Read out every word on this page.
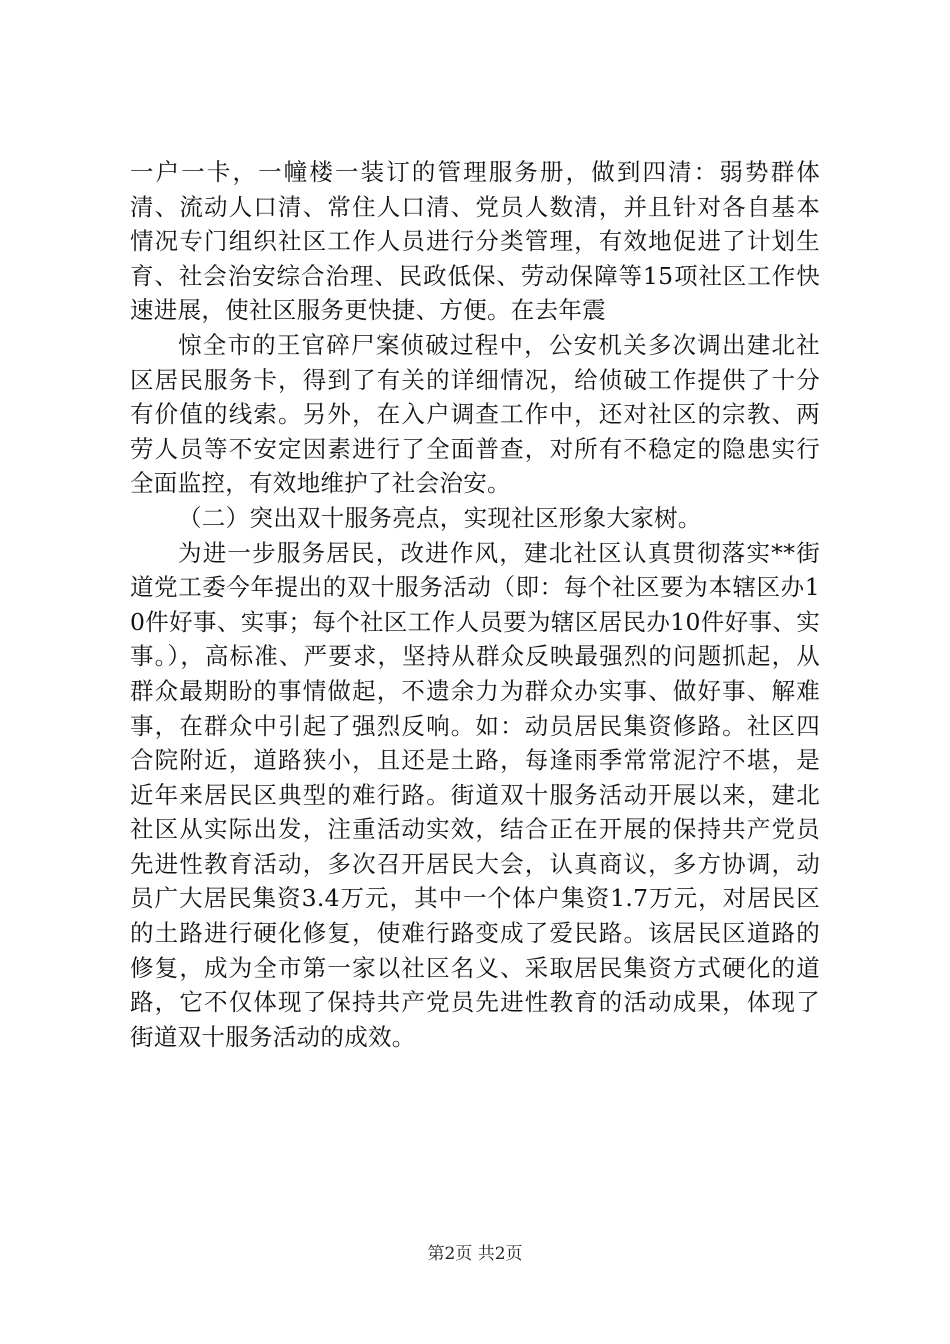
一户一卡，一幢楼一装订的管理服务册，做到四清：弱势群体清、流动人口清、常住人口清、党员人数清，并且针对各自基本情况专门组织社区工作人员进行分类管理，有效地促进了计划生育、社会治安综合治理、民政低保、劳动保障等15项社区工作快速进展，使社区服务更快捷、方便。在去年震

惊全市的王官碎尸案侦破过程中，公安机关多次调出建北社区居民服务卡，得到了有关的详细情况，给侦破工作提供了十分有价值的线索。另外，在入户调查工作中，还对社区的宗教、两劳人员等不安定因素进行了全面普查，对所有不稳定的隐患实行全面监控，有效地维护了社会治安。

（二）突出双十服务亮点，实现社区形象大家树。

为进一步服务居民，改进作风，建北社区认真贯彻落实**街道党工委今年提出的双十服务活动（即：每个社区要为本辖区办10件好事、实事；每个社区工作人员要为辖区居民办10件好事、实事。），高标准、严要求，坚持从群众反映最强烈的问题抓起，从群众最期盼的事情做起，不遗余力为群众办实事、做好事、解难事，在群众中引起了强烈反响。如：动员居民集资修路。社区四合院附近，道路狭小，且还是土路，每逢雨季常常泥泞不堪，是近年来居民区典型的难行路。街道双十服务活动开展以来，建北社区从实际出发，注重活动实效，结合正在开展的保持共产党员先进性教育活动，多次召开居民大会，认真商议，多方协调，动员广大居民集资3.4万元，其中一个体户集资1.7万元，对居民区的土路进行硬化修复，使难行路变成了爱民路。该居民区道路的修复，成为全市第一家以社区名义、采取居民集资方式硬化的道路，它不仅体现了保持共产党员先进性教育的活动成果，体现了街道双十服务活动的成效。

第2页 共2页
